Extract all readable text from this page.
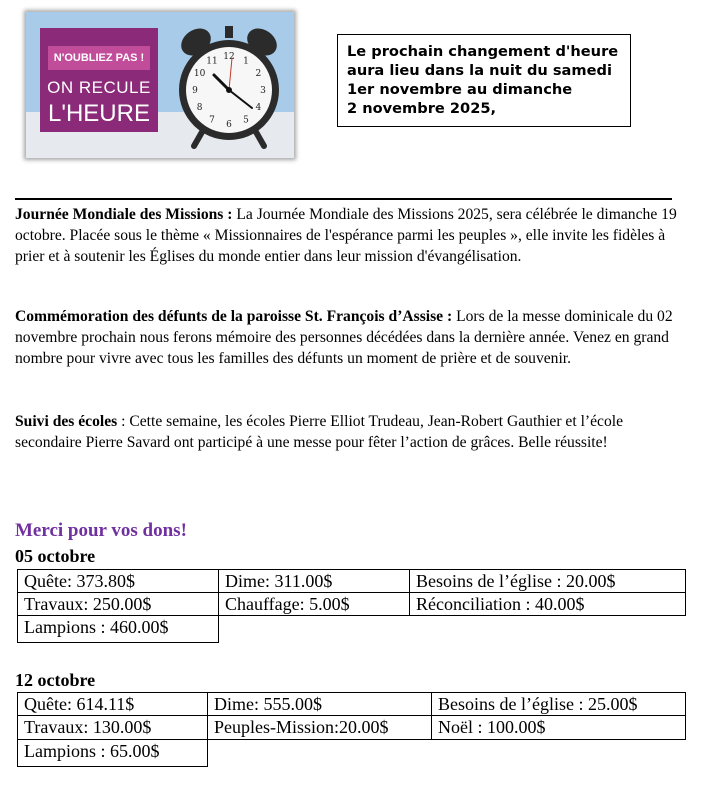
N'OUBLIEZ PAS !
ON RECULE
L'HEURE
12 1
2
3
4
5
6
7
8
9
10
11
Le prochain changement d'heure
aura lieu dans la nuit du samedi
1er novembre au dimanche
2 novembre 2025,
Journée Mondiale des Missions : La Journée Mondiale des Missions 2025, sera célébrée le dimanche 19 octobre. Placée sous le thème « Missionnaires de l'espérance parmi les peuples », elle invite les fidèles à prier et à soutenir les Églises du monde entier dans leur mission d'évangélisation.
Commémoration des défunts de la paroisse St. François d’Assise : Lors de la messe dominicale du 02 novembre prochain nous ferons mémoire des personnes décédées dans la dernière année. Venez en grand nombre pour vivre avec tous les familles des défunts un moment de prière et de souvenir.
Suivi des écoles : Cette semaine, les écoles Pierre Elliot Trudeau, Jean-Robert Gauthier et l’école secondaire Pierre Savard ont participé à une messe pour fêter l’action de grâces. Belle réussite!
Merci pour vos dons!
05 octobre
Quête: 373.80$	Dime: 311.00$	Besoins de l’église : 20.00$
Travaux: 250.00$	Chauffage: 5.00$	Réconciliation : 40.00$
Lampions : 460.00$
12 octobre
Quête: 614.11$	Dime: 555.00$	Besoins de l’église : 25.00$
Travaux: 130.00$	Peuples-Mission:20.00$	Noël : 100.00$
Lampions : 65.00$
